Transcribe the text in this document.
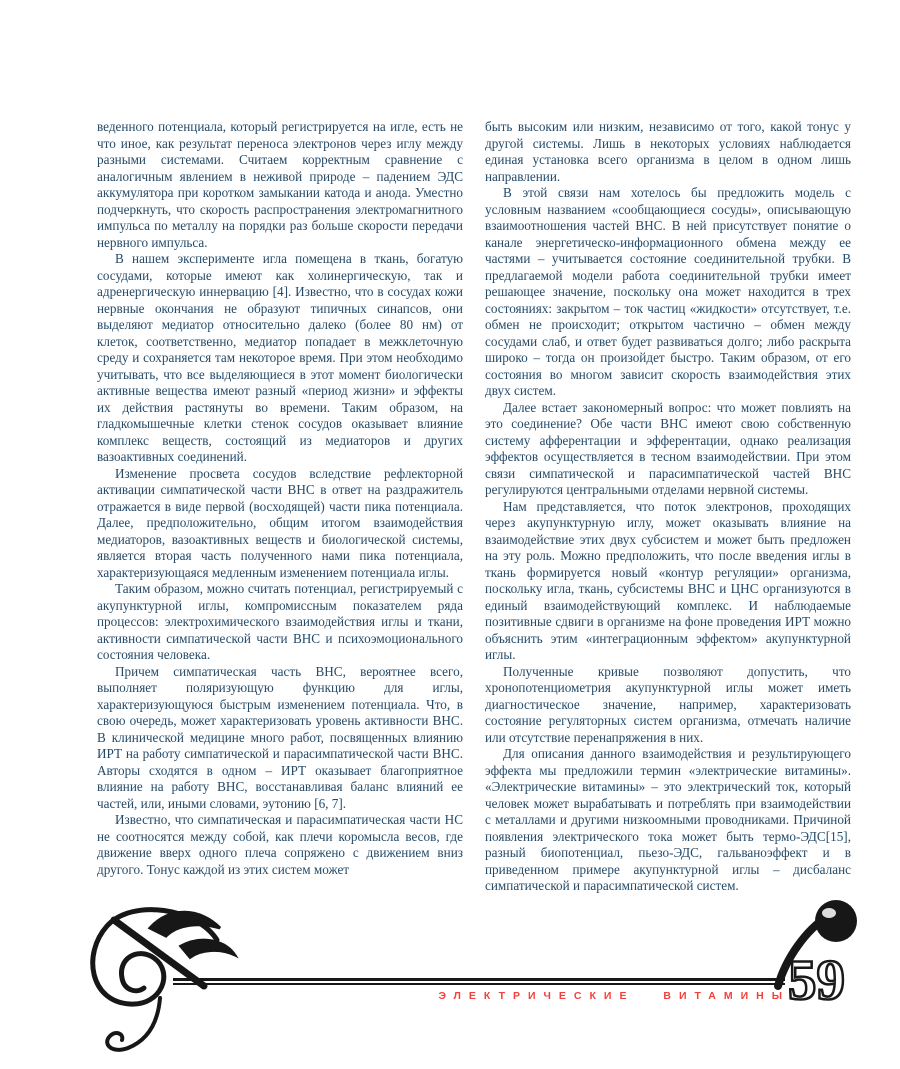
веденного потенциала, который регистрируется на игле, есть не что иное, как результат переноса электронов через иглу между разными системами. Считаем корректным сравнение с аналогичным явлением в неживой природе – падением ЭДС аккумулятора при коротком замыкании катода и анода. Уместно подчеркнуть, что скорость распространения электромагнитного импульса по металлу на порядки раз больше скорости передачи нервного импульса.

В нашем эксперименте игла помещена в ткань, богатую сосудами, которые имеют как холинергическую, так и адренергическую иннервацию [4]. Известно, что в сосудах кожи нервные окончания не образуют типичных синапсов, они выделяют медиатор относительно далеко (более 80 нм) от клеток, соответственно, медиатор попадает в межклеточную среду и сохраняется там некоторое время. При этом необходимо учитывать, что все выделяющиеся в этот момент биологически активные вещества имеют разный «период жизни» и эффекты их действия растянуты во времени. Таким образом, на гладкомышечные клетки стенок сосудов оказывает влияние комплекс веществ, состоящий из медиаторов и других вазоактивных соединений.

Изменение просвета сосудов вследствие рефлекторной активации симпатической части ВНС в ответ на раздражитель отражается в виде первой (восходящей) части пика потенциала. Далее, предположительно, общим итогом взаимодействия медиаторов, вазоактивных веществ и биологической системы, является вторая часть полученного нами пика потенциала, характеризующаяся медленным изменением потенциала иглы.

Таким образом, можно считать потенциал, регистрируемый с акупунктурной иглы, компромиссным показателем ряда процессов: электрохимического взаимодействия иглы и ткани, активности симпатической части ВНС и психоэмоционального состояния человека.

Причем симпатическая часть ВНС, вероятнее всего, выполняет поляризующую функцию для иглы, характеризующуюся быстрым изменением потенциала. Что, в свою очередь, может характеризовать уровень активности ВНС. В клинической медицине много работ, посвященных влиянию ИРТ на работу симпатической и парасимпатической части ВНС. Авторы сходятся в одном – ИРТ оказывает благоприятное влияние на работу ВНС, восстанавливая баланс влияний ее частей, или, иными словами, эутонию [6, 7].

Известно, что симпатическая и парасимпатическая части НС не соотносятся между собой, как плечи коромысла весов, где движение вверх одного плеча сопряжено с движением вниз другого. Тонус каждой из этих систем может

быть высоким или низким, независимо от того, какой тонус у другой системы. Лишь в некоторых условиях наблюдается единая установка всего организма в целом в одном лишь направлении.

В этой связи нам хотелось бы предложить модель с условным названием «сообщающиеся сосуды», описывающую взаимоотношения частей ВНС. В ней присутствует понятие о канале энергетическо-информационного обмена между ее частями – учитывается состояние соединительной трубки. В предлагаемой модели работа соединительной трубки имеет решающее значение, поскольку она может находится в трех состояниях: закрытом – ток частиц «жидкости» отсутствует, т.е. обмен не происходит; открытом частично – обмен между сосудами слаб, и ответ будет развиваться долго; либо раскрыта широко – тогда он произойдет быстро. Таким образом, от его состояния во многом зависит скорость взаимодействия этих двух систем.

Далее встает закономерный вопрос: что может повлиять на это соединение? Обе части ВНС имеют свою собственную систему афферентации и эфферентации, однако реализация эффектов осуществляется в тесном взаимодействии. При этом связи симпатической и парасимпатической частей ВНС регулируются центральными отделами нервной системы.

Нам представляется, что поток электронов, проходящих через акупунктурную иглу, может оказывать влияние на взаимодействие этих двух субсистем и может быть предложен на эту роль. Можно предположить, что после введения иглы в ткань формируется новый «контур регуляции» организма, поскольку игла, ткань, субсистемы ВНС и ЦНС организуются в единый взаимодействующий комплекс. И наблюдаемые позитивные сдвиги в организме на фоне проведения ИРТ можно объяснить этим «интеграционным эффектом» акупунктурной иглы.

Полученные кривые позволяют допустить, что хронопотенциометрия акупунктурной иглы может иметь диагностическое значение, например, характеризовать состояние регуляторных систем организма, отмечать наличие или отсутствие перенапряжения в них.

Для описания данного взаимодействия и результирующего эффекта мы предложили термин «электрические витамины». «Электрические витамины» – это электрический ток, который человек может вырабатывать и потреблять при взаимодействии с металлами и другими низкоомными проводниками. Причиной появления электрического тока может быть термо-ЭДС[15], разный биопотенциал, пьезо-ЭДС, гальваноэффект и в приведенном примере акупунктурной иглы – дисбаланс симпатической и парасимпатической систем.

59
ЭЛЕКТРИЧЕСКИЕ ВИТАМИНЫ
